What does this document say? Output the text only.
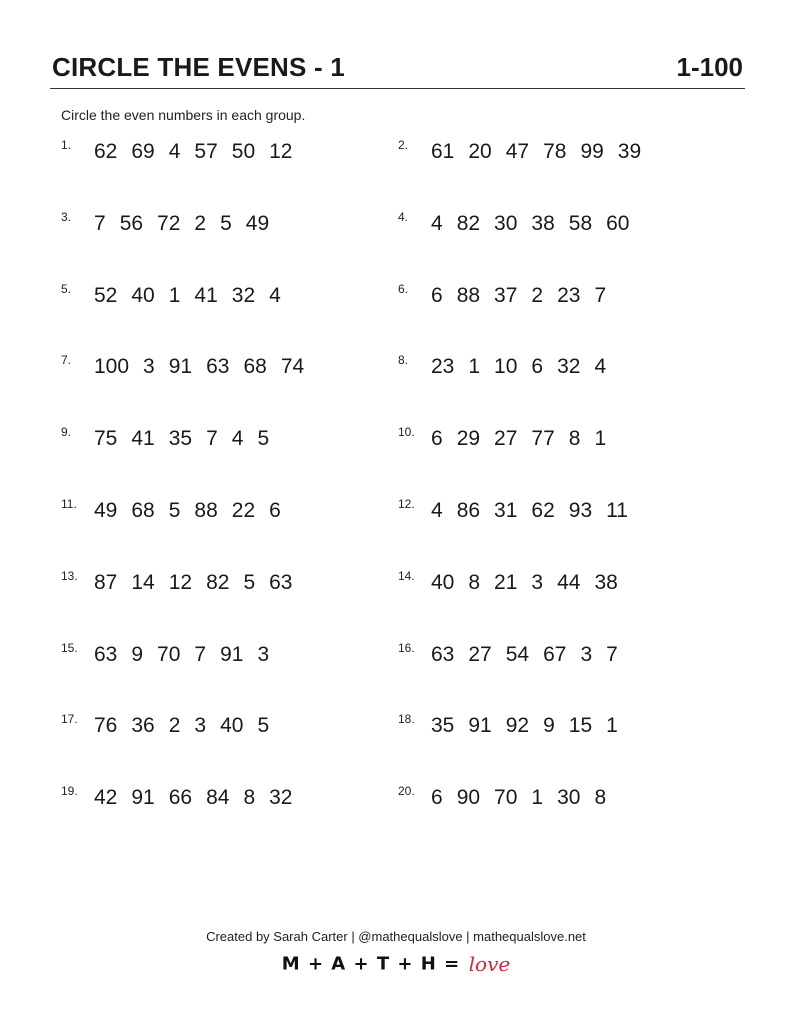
CIRCLE THE EVENS - 1	1-100
Circle the even numbers in each group.
1. 62 69 4 57 50 12	2. 61 20 47 78 99 39
3. 7 56 72 2 5 49	4. 4 82 30 38 58 60
5. 52 40 1 41 32 4	6. 6 88 37 2 23 7
7. 100 3 91 63 68 74	8. 23 1 10 6 32 4
9. 75 41 35 7 4 5	10. 6 29 27 77 8 1
11. 49 68 5 88 22 6	12. 4 86 31 62 93 11
13. 87 14 12 82 5 63	14. 40 8 21 3 44 38
15. 63 9 70 7 91 3	16. 63 27 54 67 3 7
17. 76 36 2 3 40 5	18. 35 91 92 9 15 1
19. 42 91 66 84 8 32	20. 6 90 70 1 30 8
Created by Sarah Carter | @mathequalslove | mathequalslove.net
M + A + T + H = love
